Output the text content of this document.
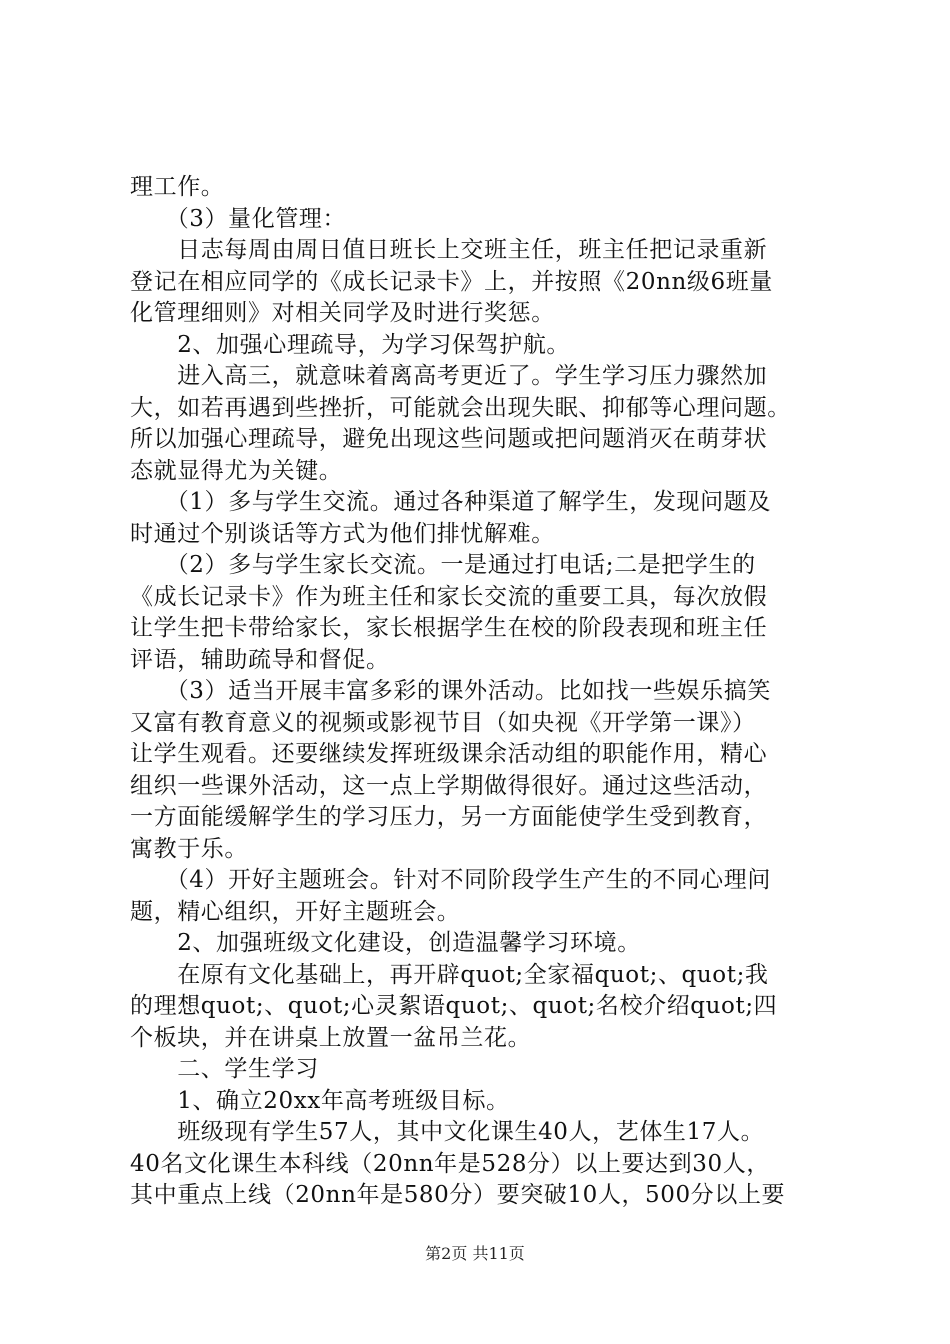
理工作。
　　（3）量化管理：
　　日志每周由周日值日班长上交班主任，班主任把记录重新
登记在相应同学的《成长记录卡》上，并按照《20nn级6班量
化管理细则》对相关同学及时进行奖惩。
　　2、加强心理疏导，为学习保驾护航。
　　进入高三，就意味着离高考更近了。学生学习压力骤然加
大，如若再遇到些挫折，可能就会出现失眠、抑郁等心理问题。
所以加强心理疏导，避免出现这些问题或把问题消灭在萌芽状
态就显得尤为关键。
　　（1）多与学生交流。通过各种渠道了解学生，发现问题及
时通过个别谈话等方式为他们排忧解难。
　　（2）多与学生家长交流。一是通过打电话;二是把学生的
《成长记录卡》作为班主任和家长交流的重要工具，每次放假
让学生把卡带给家长，家长根据学生在校的阶段表现和班主任
评语，辅助疏导和督促。
　　（3）适当开展丰富多彩的课外活动。比如找一些娱乐搞笑
又富有教育意义的视频或影视节目（如央视《开学第一课》）
让学生观看。还要继续发挥班级课余活动组的职能作用，精心
组织一些课外活动，这一点上学期做得很好。通过这些活动，
一方面能缓解学生的学习压力，另一方面能使学生受到教育，
寓教于乐。
　　（4）开好主题班会。针对不同阶段学生产生的不同心理问
题，精心组织，开好主题班会。
　　2、加强班级文化建设，创造温馨学习环境。
　　在原有文化基础上，再开辟quot;全家福quot;、quot;我
的理想quot;、quot;心灵絮语quot;、quot;名校介绍quot;四
个板块，并在讲桌上放置一盆吊兰花。
　　二、学生学习
　　1、确立20xx年高考班级目标。
　　班级现有学生57人，其中文化课生40人，艺体生17人。
40名文化课生本科线（20nn年是528分）以上要达到30人，
其中重点上线（20nn年是580分）要突破10人，500分以上要
第2页 共11页
